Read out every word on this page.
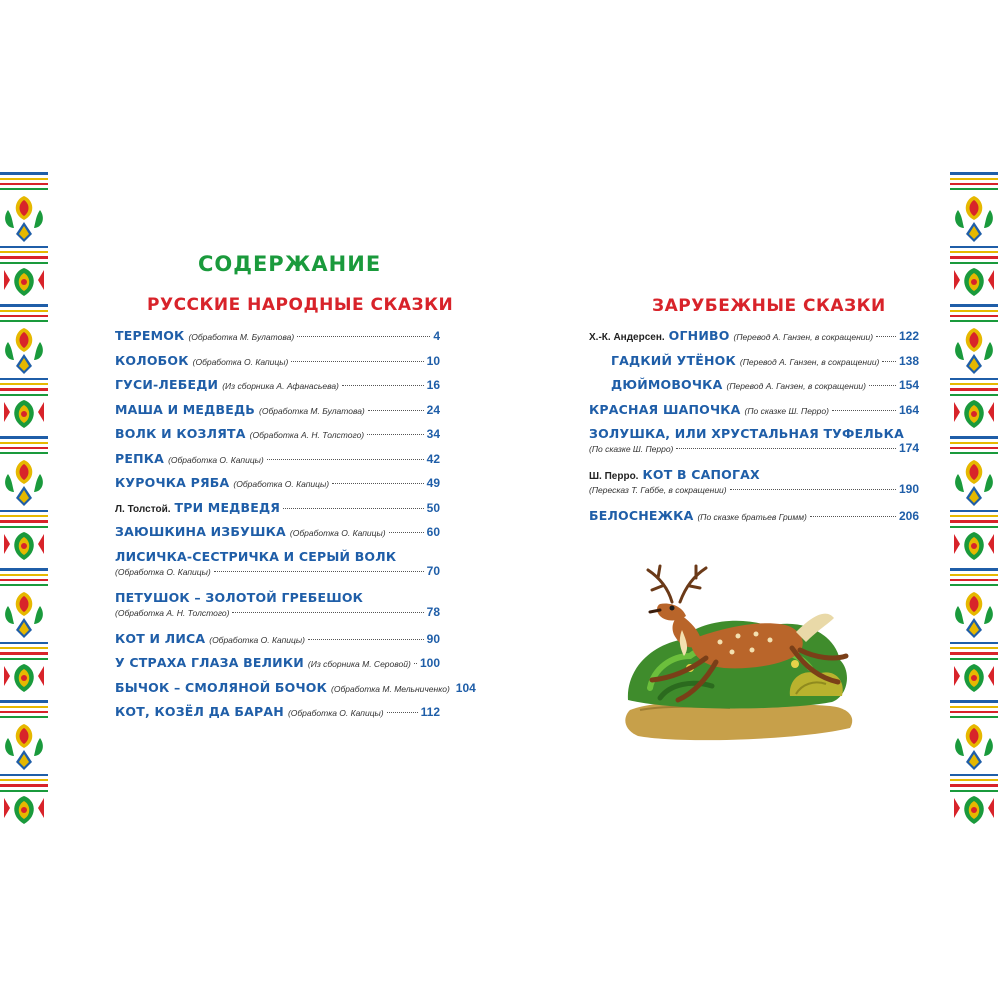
СОДЕРЖАНИЕ
РУССКИЕ НАРОДНЫЕ СКАЗКИ	ЗАРУБЕЖНЫЕ СКАЗКИ
ТЕРЕМОК (Обработка М. Булатова)	4
КОЛОБОК (Обработка О. Капицы)	10
ГУСИ-ЛЕБЕДИ (Из сборника А. Афанасьева)	16
МАША И МЕДВЕДЬ (Обработка М. Булатова)	24
ВОЛК И КОЗЛЯТА (Обработка А. Н. Толстого)	34
РЕПКА (Обработка О. Капицы)	42
КУРОЧКА РЯБА (Обработка О. Капицы)	49
Л. Толстой. ТРИ МЕДВЕДЯ	50
ЗАЮШКИНА ИЗБУШКА (Обработка О. Капицы)	60
ЛИСИЧКА-СЕСТРИЧКА И СЕРЫЙ ВОЛК
(Обработка О. Капицы)	70
ПЕТУШОК – ЗОЛОТОЙ ГРЕБЕШОК
(Обработка А. Н. Толстого)	78
КОТ И ЛИСА (Обработка О. Капицы)	90
У СТРАХА ГЛАЗА ВЕЛИКИ (Из сборника М. Серовой) 100
БЫЧОК – СМОЛЯНОЙ БОЧОК (Обработка М. Мельниченко) 104
КОТ, КОЗЁЛ ДА БАРАН (Обработка О. Капицы)	112
Х.-К. Андерсен. ОГНИВО (Перевод А. Ганзен, в сокращении) 122
ГАДКИЙ УТЁНОК (Перевод А. Ганзен, в сокращении) 138
ДЮЙМОВОЧКА (Перевод А. Ганзен, в сокращении)	154
КРАСНАЯ ШАПОЧКА (По сказке Ш. Перро)	164
ЗОЛУШКА, ИЛИ ХРУСТАЛЬНАЯ ТУФЕЛЬКА
(По сказке Ш. Перро)	174
Ш. Перро. КОТ В САПОГАХ
(Пересказ Т. Габбе, в сокращении)	190
БЕЛОСНЕЖКА (По сказке братьев Гримм)	206
